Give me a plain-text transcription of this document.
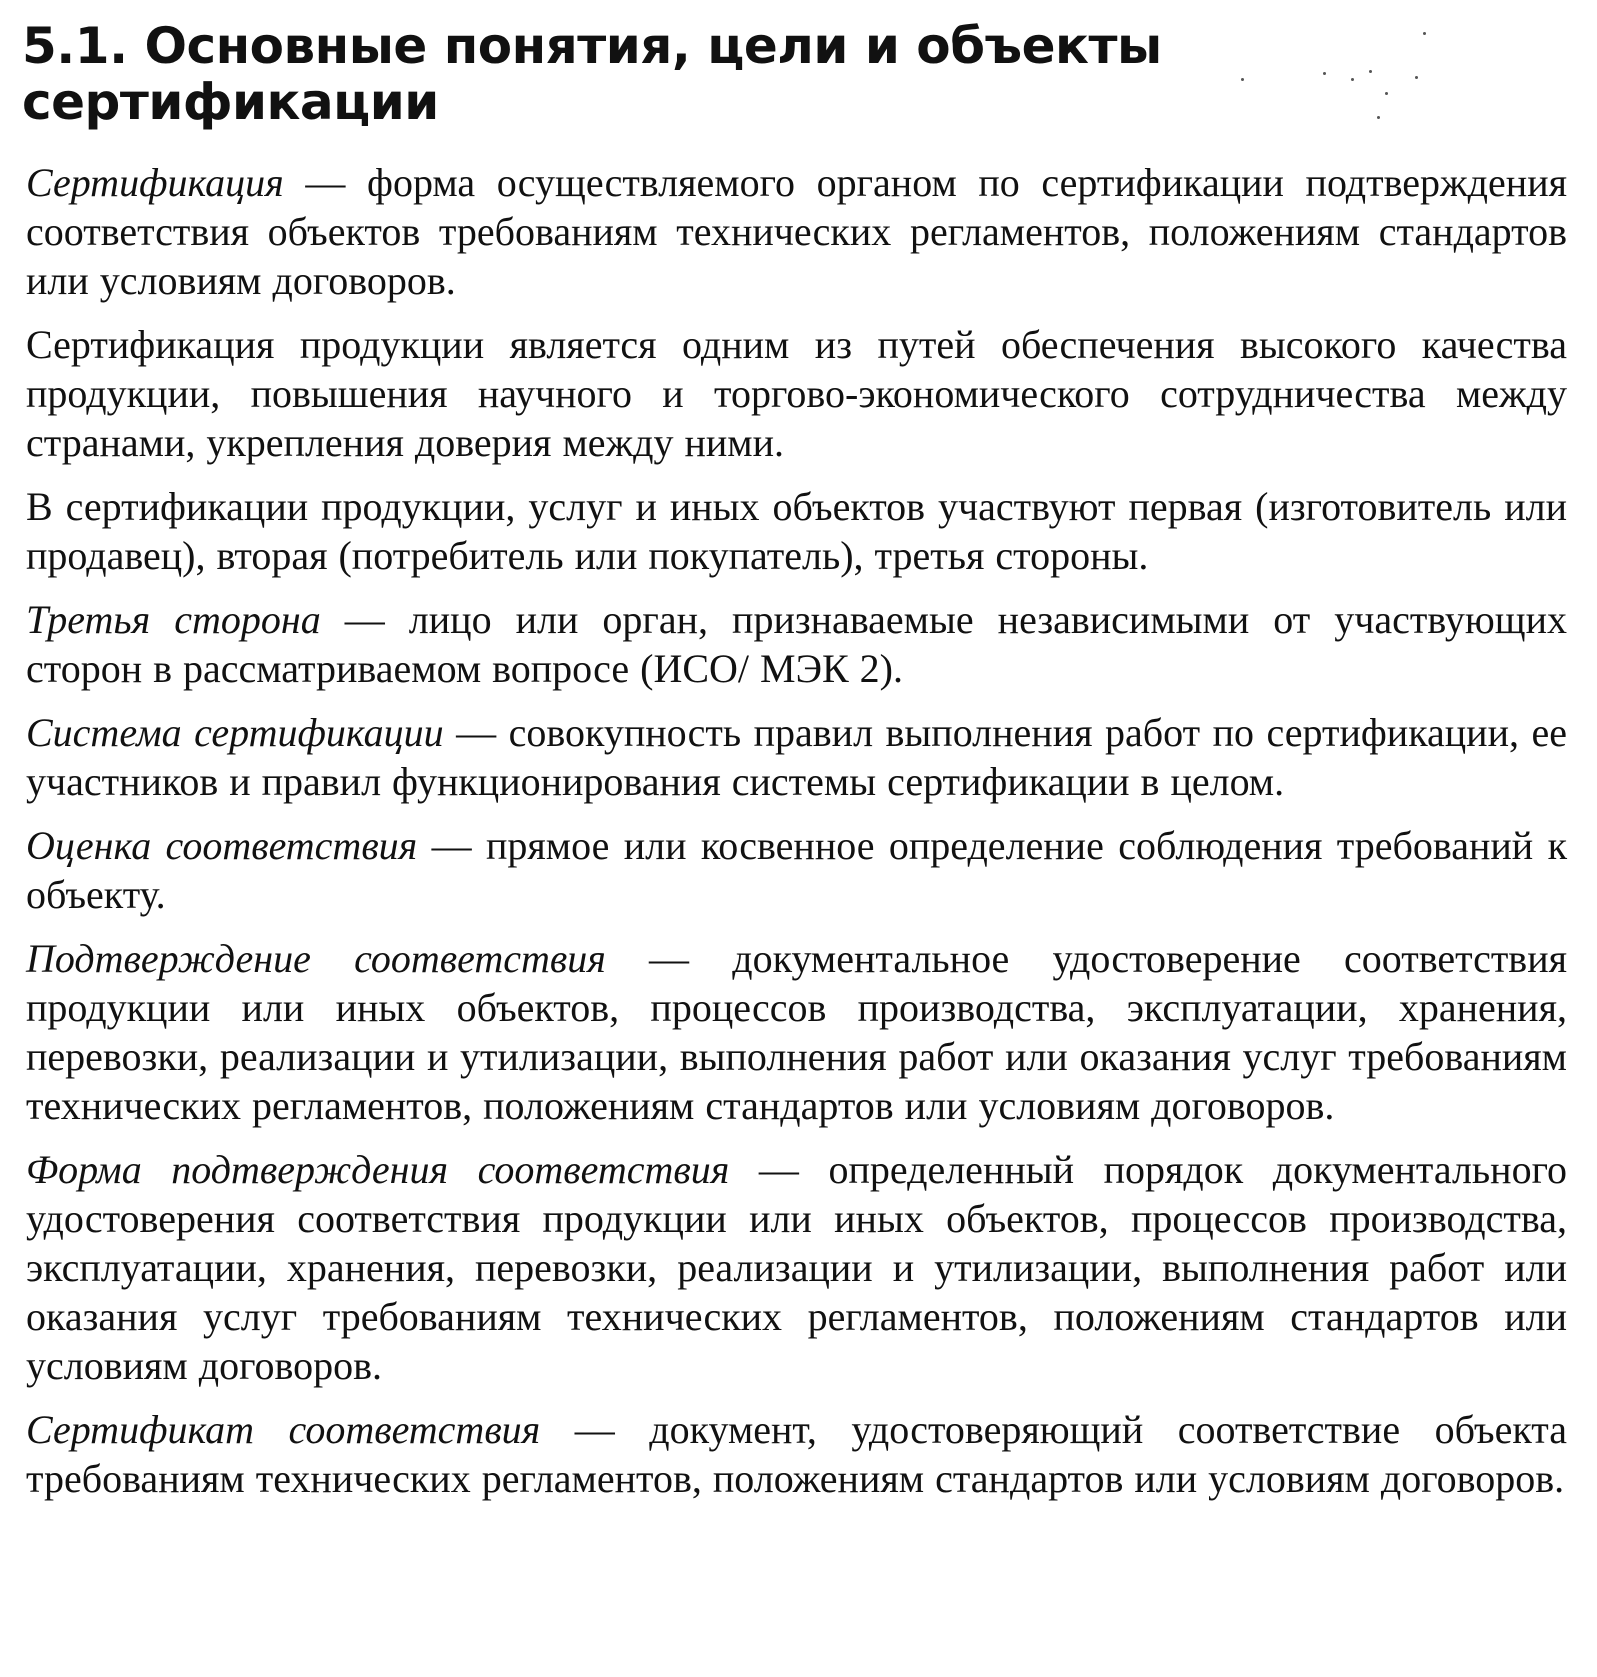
5.1. Основные понятия, цели и объекты сертификации

Сертификация — форма осуществляемого органом по сертификации подтверждения соответствия объектов требованиям технических регламентов, положениям стандартов или условиям договоров.

Сертификация продукции является одним из путей обеспечения высокого качества продукции, повышения научного и торгово-экономического сотрудничества между странами, укрепления доверия между ними.

В сертификации продукции, услуг и иных объектов участвуют первая (изготовитель или продавец), вторая (потребитель или покупатель), третья стороны.

Третья сторона — лицо или орган, признаваемые независимыми от участвующих сторон в рассматриваемом вопросе (ИСО/ МЭК 2).

Система сертификации — совокупность правил выполнения работ по сертификации, ее участников и правил функционирования системы сертификации в целом.

Оценка соответствия — прямое или косвенное определение соблюдения требований к объекту.

Подтверждение соответствия — документальное удостоверение соответствия продукции или иных объектов, процессов производства, эксплуатации, хранения, перевозки, реализации и утилизации, выполнения работ или оказания услуг требованиям технических регламентов, положениям стандартов или условиям договоров.

Форма подтверждения соответствия — определенный порядок документального удостоверения соответствия продукции или иных объектов, процессов производства, эксплуатации, хранения, перевозки, реализации и утилизации, выполнения работ или оказания услуг требованиям технических регламентов, положениям стандартов или условиям договоров.

Сертификат соответствия — документ, удостоверяющий соответствие объекта требованиям технических регламентов, положениям стандартов или условиям договоров.
